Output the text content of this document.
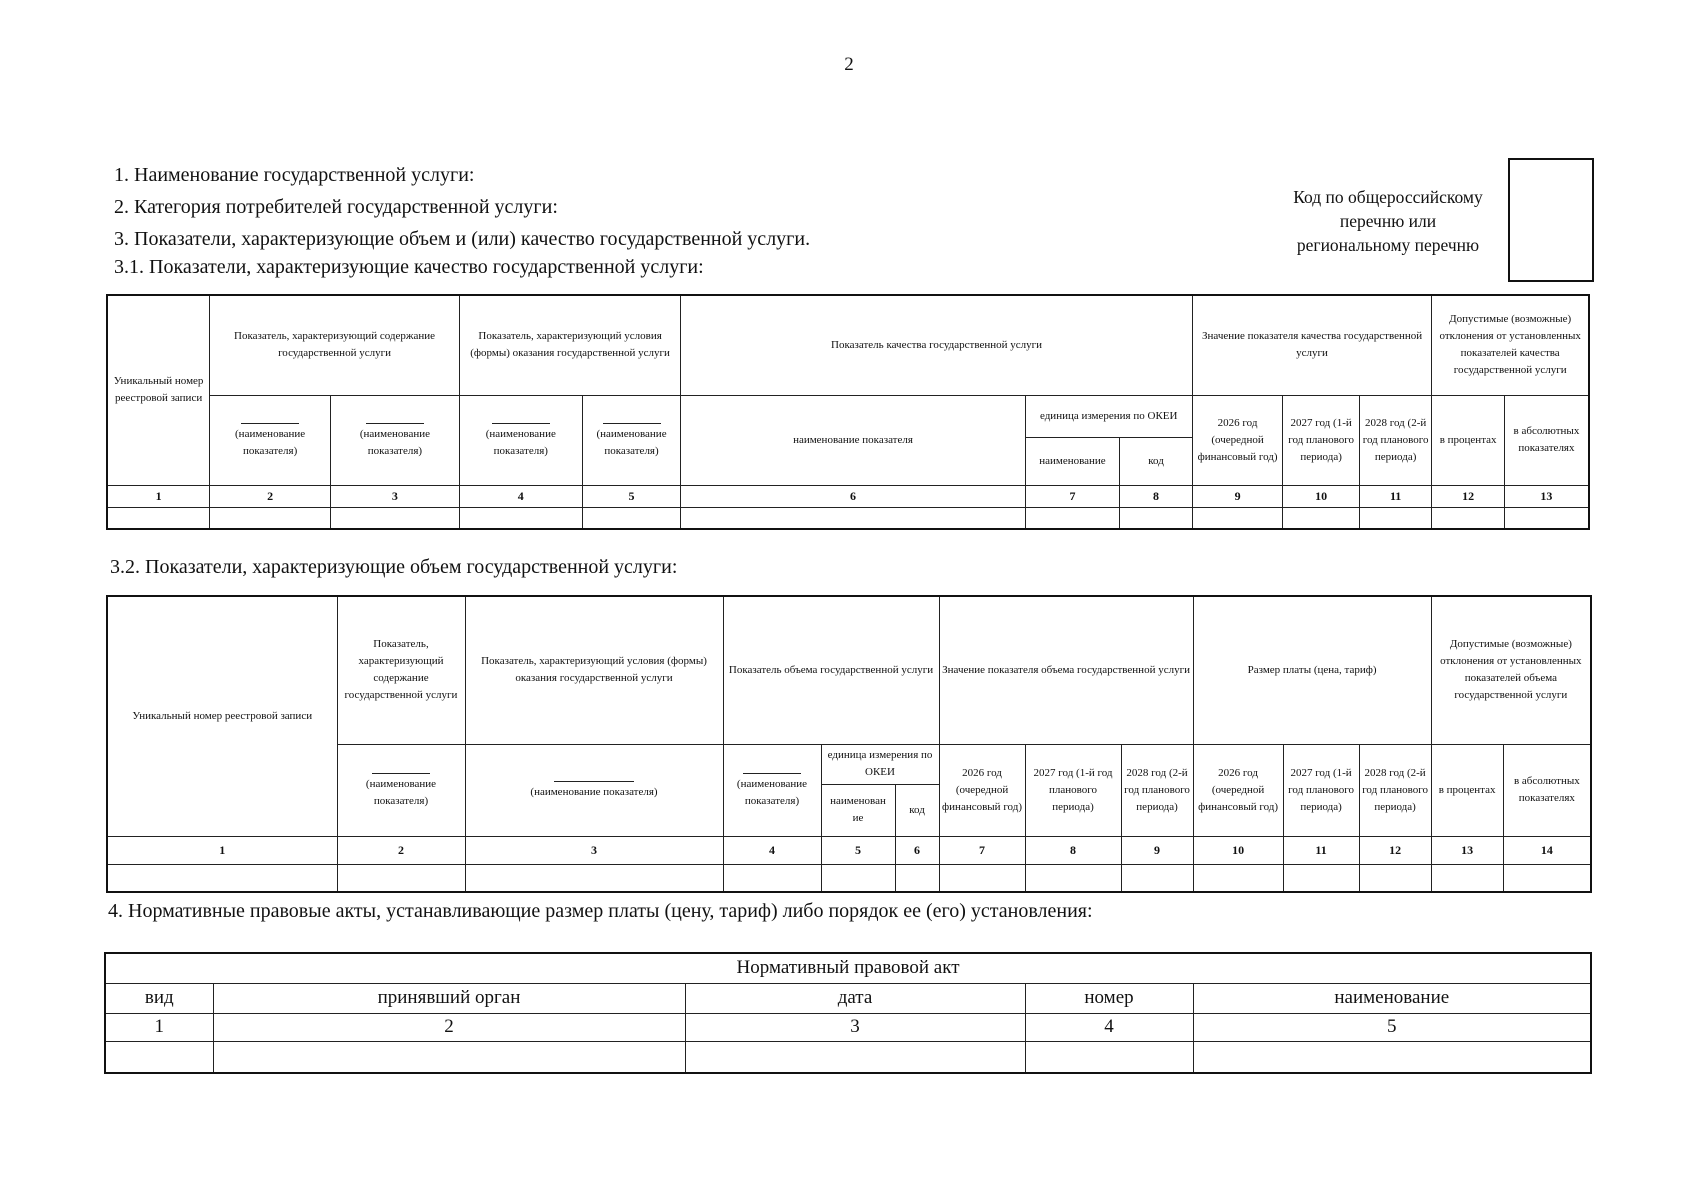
2
1. Наименование государственной услуги:
2. Категория потребителей государственной услуги:
3. Показатели, характеризующие объем и (или) качество государственной услуги.
3.1. Показатели, характеризующие качество государственной услуги:
Код по общероссийскому
перечню или
региональному перечню
Уникальный номер реестровой записи	Показатель, характеризующий содержание государственной услуги		Показатель, характеризующий условия (формы) оказания государственной услуги		Показатель качества государственной услуги			Значение показателя качества государственной услуги			Допустимые (возможные) отклонения от установленных показателей качества государственной услуги	

(наименование показателя)	(наименование показателя)	(наименование показателя)	(наименование показателя)	наименование показателя	единица измерения по ОКЕИ		2026 год (очередной финансовый год)	2027 год (1-й год планового периода)	2028 год (2-й год планового периода)	в процентах	в абсолютных показателях
						наименование	код					
1	2	3	4	5	6	7	8	9	10	11	12	13

3.2. Показатели, характеризующие объем государственной услуги:
Уникальный номер реестровой записи	Показатель, характеризующий содержание государственной услуги	Показатель, характеризующий условия (формы) оказания государственной услуги	Показатель объема государственной услуги			Значение показателя объема государственной услуги			Размер платы (цена, тариф)			Допустимые (возможные) отклонения от установленных показателей объема государственной услуги	

(наименование показателя)	(наименование показателя)	(наименование показателя)	единица измерения по ОКЕИ		2026 год (очередной финансовый год)	2027 год (1-й год планового периода)	2028 год (2-й год планового периода)	2026 год (очередной финансовый год)	2027 год (1-й год планового периода)	2028 год (2-й год планового периода)	в процентах	в абсолютных показателях
				наименован ие	код								
1	2	3	4	5	6	7	8	9	10	11	12	13	14

4. Нормативные правовые акты, устанавливающие размер платы (цену, тариф) либо порядок ее (его) установления:
Нормативный правовой акт				
вид	принявший орган	дата	номер	наименование
1	2	3	4	5
